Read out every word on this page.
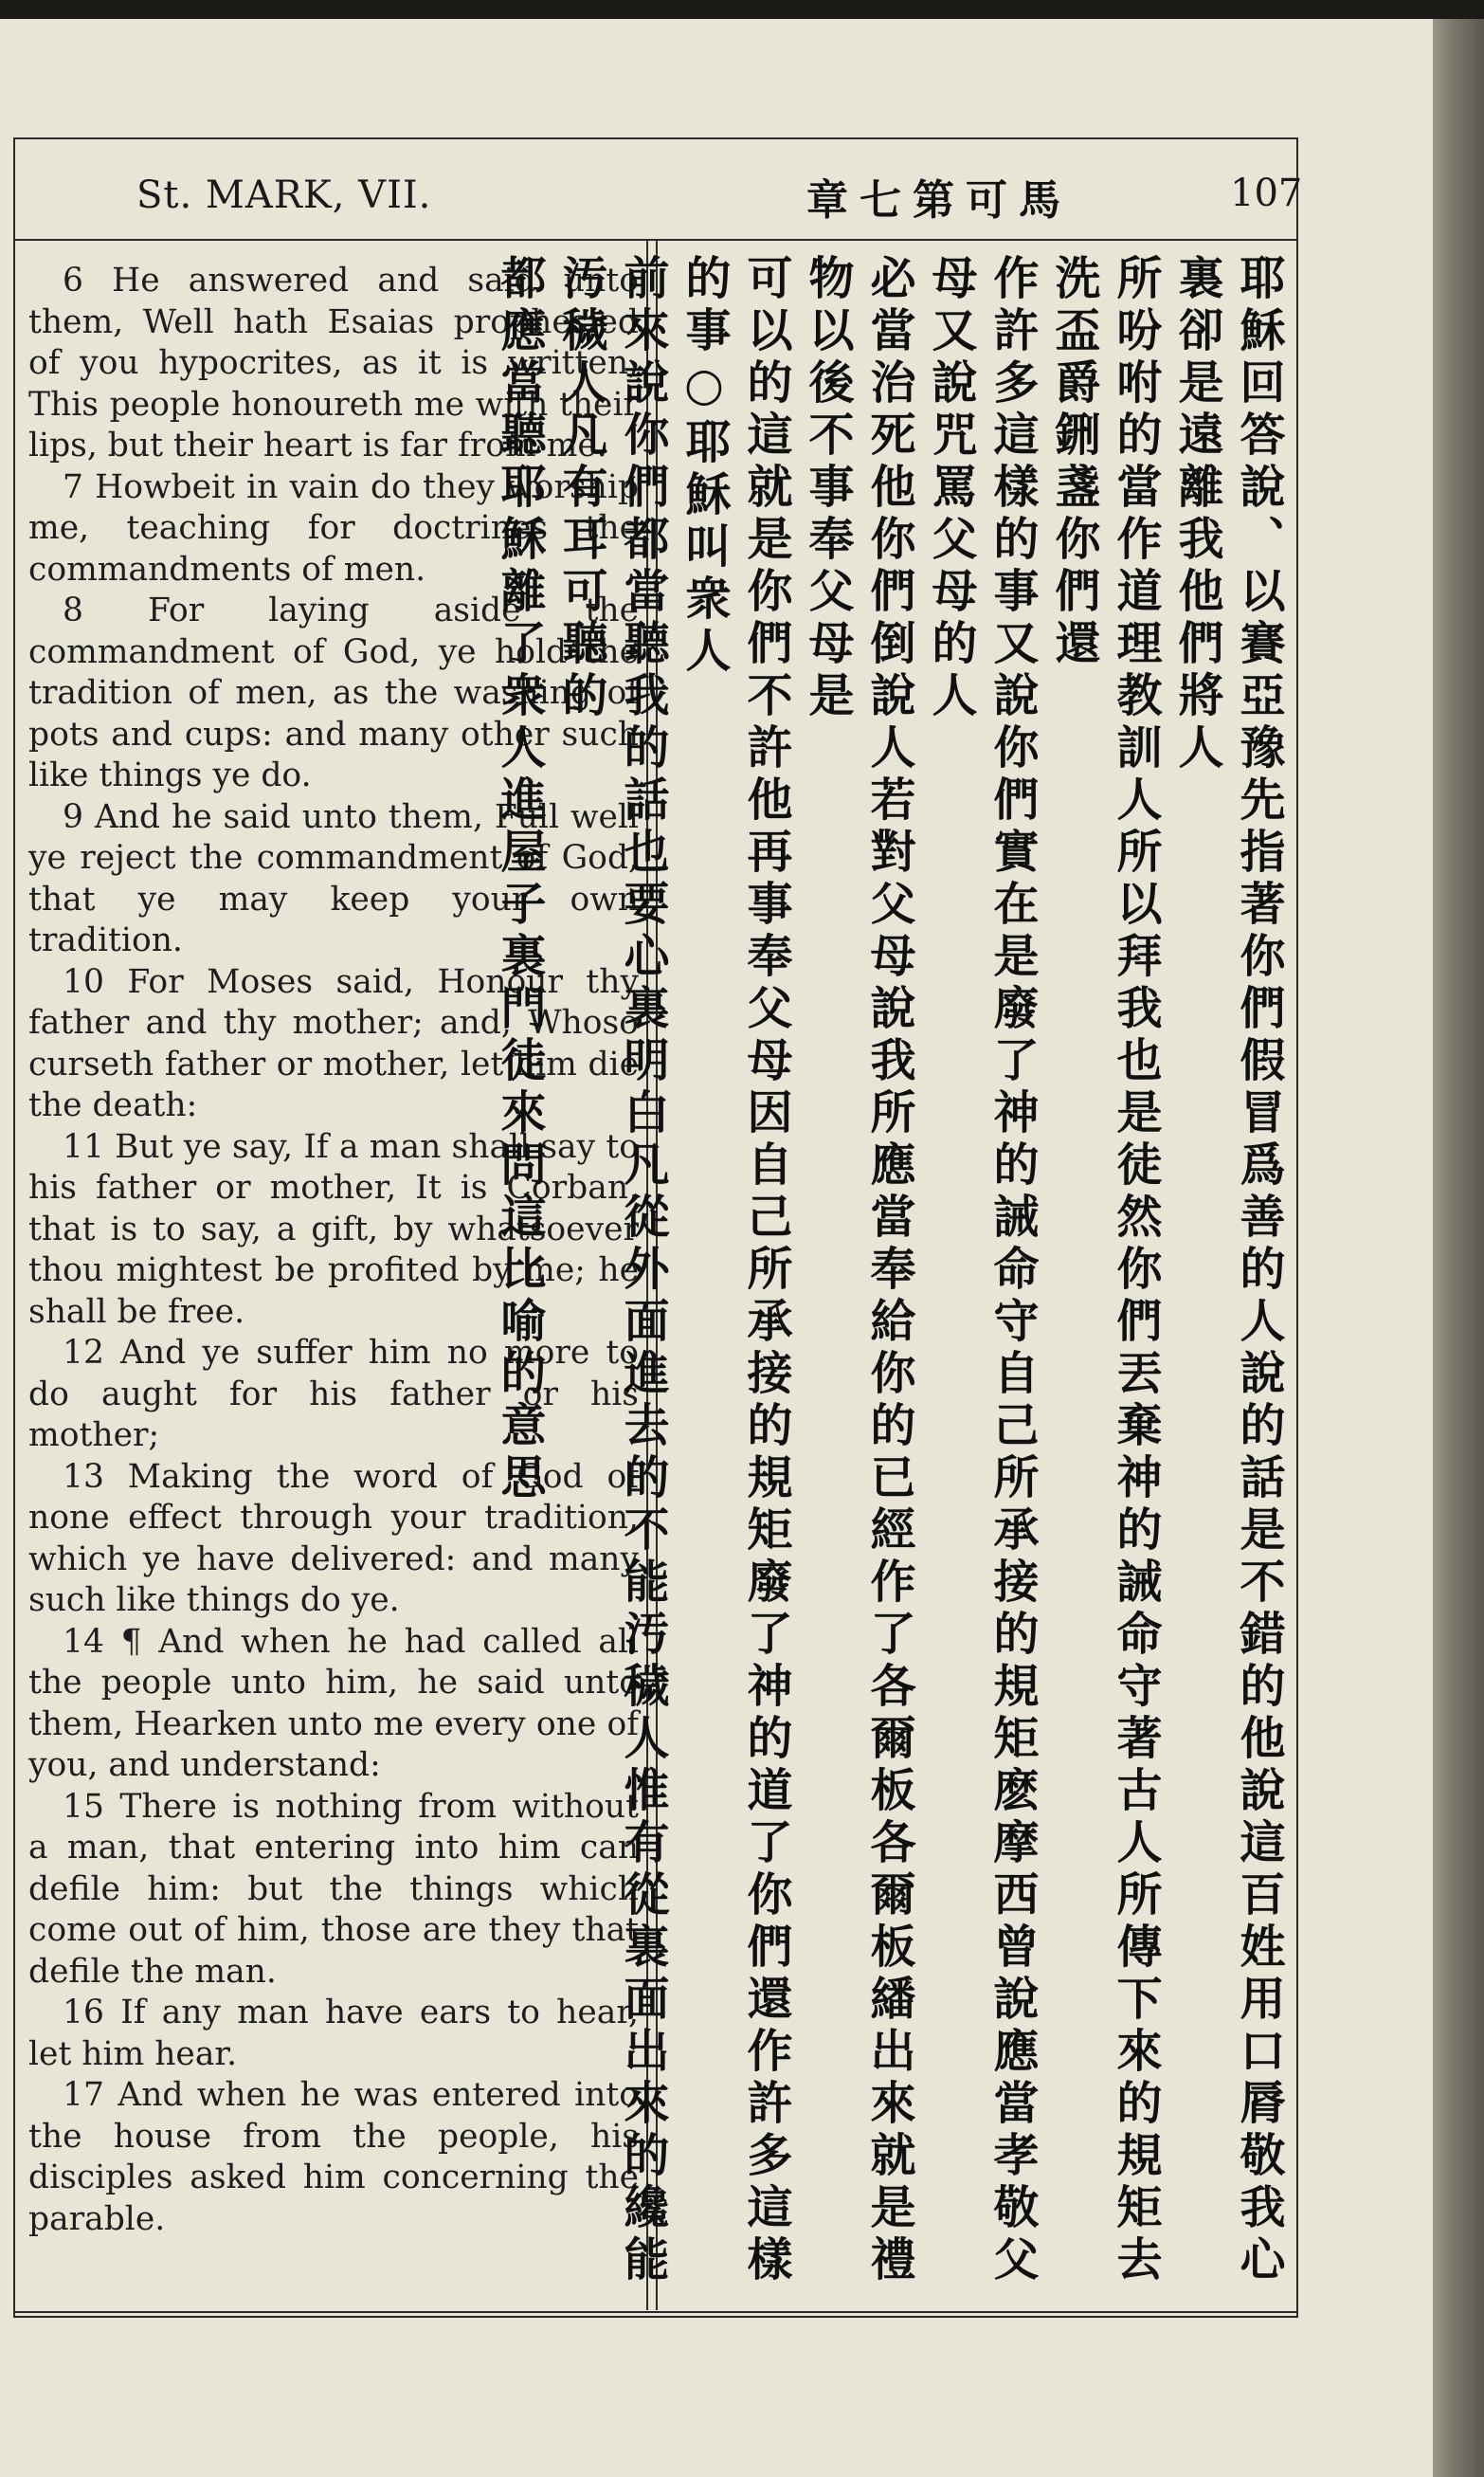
St. MARK, VII.	章七第可馬	107

6 He answered and said unto them, Well hath Esaias prophesied of you hypocrites, as it is written, This people honoureth me with their lips, but their heart is far from me.

7 Howbeit in vain do they worship me, teaching for doctrines the commandments of men.

8 For laying aside the commandment of God, ye hold the tradition of men, as the washing of pots and cups: and many other such like things ye do.

9 And he said unto them, Full well ye reject the commandment of God, that ye may keep your own tradition.

10 For Moses said, Honour thy father and thy mother; and, Whoso curseth father or mother, let him die the death:

11 But ye say, If a man shall say to his father or mother, It is Corban, that is to say, a gift, by whatsoever thou mightest be profited by me; he shall be free.

12 And ye suffer him no more to do aught for his father or his mother;

13 Making the word of God of none effect through your tradition, which ye have delivered: and many such like things do ye.

14 ¶ And when he had called all the people unto him, he said unto them, Hearken unto me every one of you, and understand:

15 There is nothing from without a man, that entering into him can defile him: but the things which come out of him, those are they that defile the man.

16 If any man have ears to hear, let him hear.

17 And when he was entered into the house from the people, his disciples asked him concerning the parable.	耶穌回答說、以賽亞豫先指著你們假冒爲善的人說的話是不錯的他說這百姓用口脣敬我心裏卻是遠離我他們將人
所吩咐的當作道理教訓人所以拜我也是徒然你們丟棄神的誡命守著古人所傳下來的規矩去洗盃爵鉶盞你們還
作許多這樣的事又說你們實在是廢了神的誡命守自己所承接的規矩麽摩西曾說應當孝敬父母又說咒罵父母的人
必當治死他你們倒說人若對父母說我所應當奉給你的已經作了各爾板各爾板繙出來就是禮物以後不事奉父母是
可以的這就是你們不許他再事奉父母因自己所承接的規矩廢了神的道了你們還作許多這樣的事○耶穌叫衆人
前來說你們都當聽我的話也要心裏明白凡從外面進去的不能汚穢人惟有從裏面出來的纔能汚穢人凡有耳可聽的
都應當聽耶穌離了衆人進屋子裏門徒來問這比喻的意思
